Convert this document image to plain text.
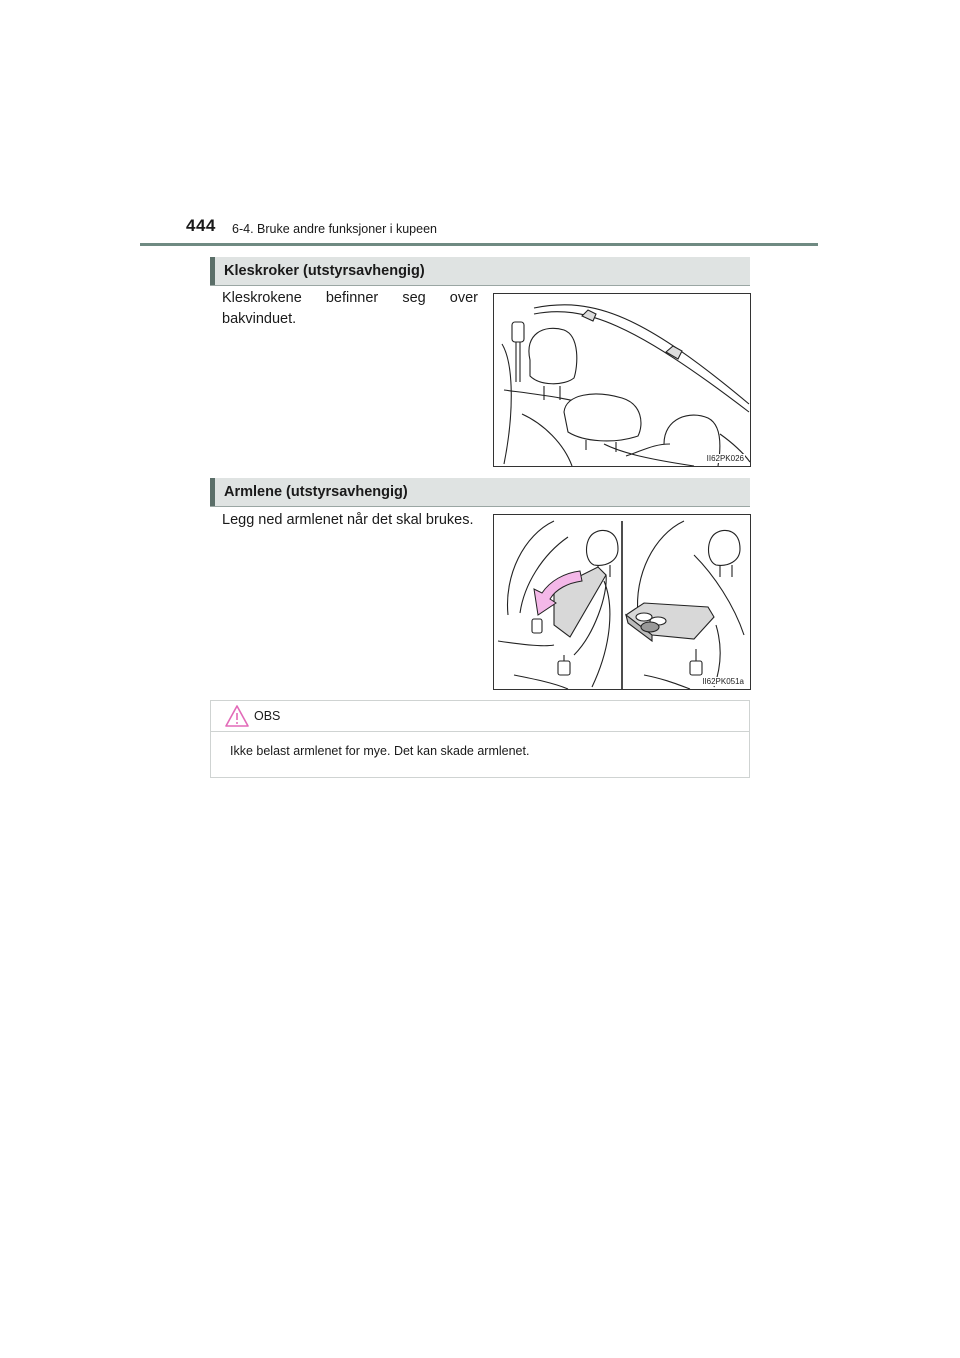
444 6-4. Bruke andre funksjoner i kupeen
Kleskroker (utstyrsavhengig)

Kleskrokene befinner seg over bakvinduet.

II62PK026
Armlene (utstyrsavhengig)

Legg ned armlenet når det skal brukes.

II62PK051a
OBS
Ikke belast armlenet for mye. Det kan skade armlenet.
